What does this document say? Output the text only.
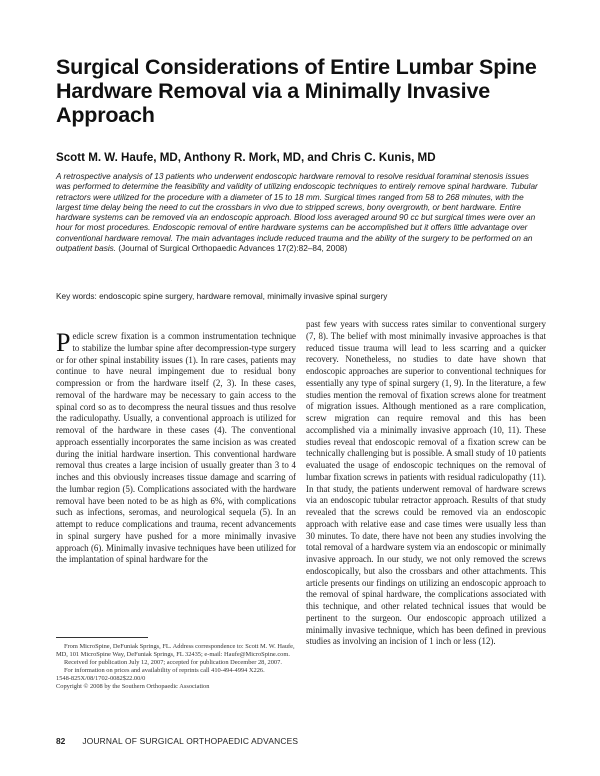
Surgical Considerations of Entire Lumbar Spine Hardware Removal via a Minimally Invasive Approach

Scott M. W. Haufe, MD, Anthony R. Mork, MD, and Chris C. Kunis, MD

A retrospective analysis of 13 patients who underwent endoscopic hardware removal to resolve residual foraminal stenosis issues was performed to determine the feasibility and validity of utilizing endoscopic techniques to entirely remove spinal hardware. Tubular retractors were utilized for the procedure with a diameter of 15 to 18 mm. Surgical times ranged from 58 to 268 minutes, with the largest time delay being the need to cut the crossbars in vivo due to stripped screws, bony overgrowth, or bent hardware. Entire hardware systems can be removed via an endoscopic approach. Blood loss averaged around 90 cc but surgical times were over an hour for most procedures. Endoscopic removal of entire hardware systems can be accomplished but it offers little advantage over conventional hardware removal. The main advantages include reduced trauma and the ability of the surgery to be performed on an outpatient basis. (Journal of Surgical Orthopaedic Advances 17(2):82–84, 2008)

Key words: endoscopic spine surgery, hardware removal, minimally invasive spinal surgery

Pedicle screw fixation is a common instrumentation technique to stabilize the lumbar spine after decompression-type surgery or for other spinal instability issues (1). In rare cases, patients may continue to have neural impingement due to residual bony compression or from the hardware itself (2, 3). In these cases, removal of the hardware may be necessary to gain access to the spinal cord so as to decompress the neural tissues and thus resolve the radiculopathy. Usually, a conventional approach is utilized for removal of the hardware in these cases (4). The conventional approach essentially incorporates the same incision as was created during the initial hardware insertion. This conventional hardware removal thus creates a large incision of usually greater than 3 to 4 inches and this obviously increases tissue damage and scarring of the lumbar region (5). Complications associated with the hardware removal have been noted to be as high as 6%, with complications such as infections, seromas, and neurological sequela (5). In an attempt to reduce complications and trauma, recent advancements in spinal surgery have pushed for a more minimally invasive approach (6). Minimally invasive techniques have been utilized for the implantation of spinal hardware for the

past few years with success rates similar to conventional surgery (7, 8). The belief with most minimally invasive approaches is that reduced tissue trauma will lead to less scarring and a quicker recovery. Nonetheless, no studies to date have shown that endoscopic approaches are superior to conventional techniques for essentially any type of spinal surgery (1, 9). In the literature, a few studies mention the removal of fixation screws alone for treatment of migration issues. Although mentioned as a rare complication, screw migration can require removal and this has been accomplished via a minimally invasive approach (10, 11). These studies reveal that endoscopic removal of a fixation screw can be technically challenging but is possible. A small study of 10 patients evaluated the usage of endoscopic techniques on the removal of lumbar fixation screws in patients with residual radiculopathy (11). In that study, the patients underwent removal of hardware screws via an endoscopic tubular retractor approach. Results of that study revealed that the screws could be removed via an endoscopic approach with relative ease and case times were usually less than 30 minutes. To date, there have not been any studies involving the total removal of a hardware system via an endoscopic or minimally invasive approach. In our study, we not only removed the screws endoscopically, but also the crossbars and other attachments. This article presents our findings on utilizing an endoscopic approach to the removal of spinal hardware, the complications associated with this technique, and other related technical issues that would be pertinent to the surgeon. Our endoscopic approach utilized a minimally invasive technique, which has been defined in previous studies as involving an incision of 1 inch or less (12).

From MicroSpine, DeFuniak Springs, FL. Address correspondence to: Scott M. W. Haufe, MD, 101 MicroSpine Way, DeFuniak Springs, FL 32435; e-mail: Haufe@MicroSpine.com.

Received for publication July 12, 2007; accepted for publication December 28, 2007.

For information on prices and availability of reprints call 410-494-4994 X226.

1548-825X/08/1702-0082$22.00/0

Copyright © 2008 by the Southern Orthopaedic Association

82 JOURNAL OF SURGICAL ORTHOPAEDIC ADVANCES
